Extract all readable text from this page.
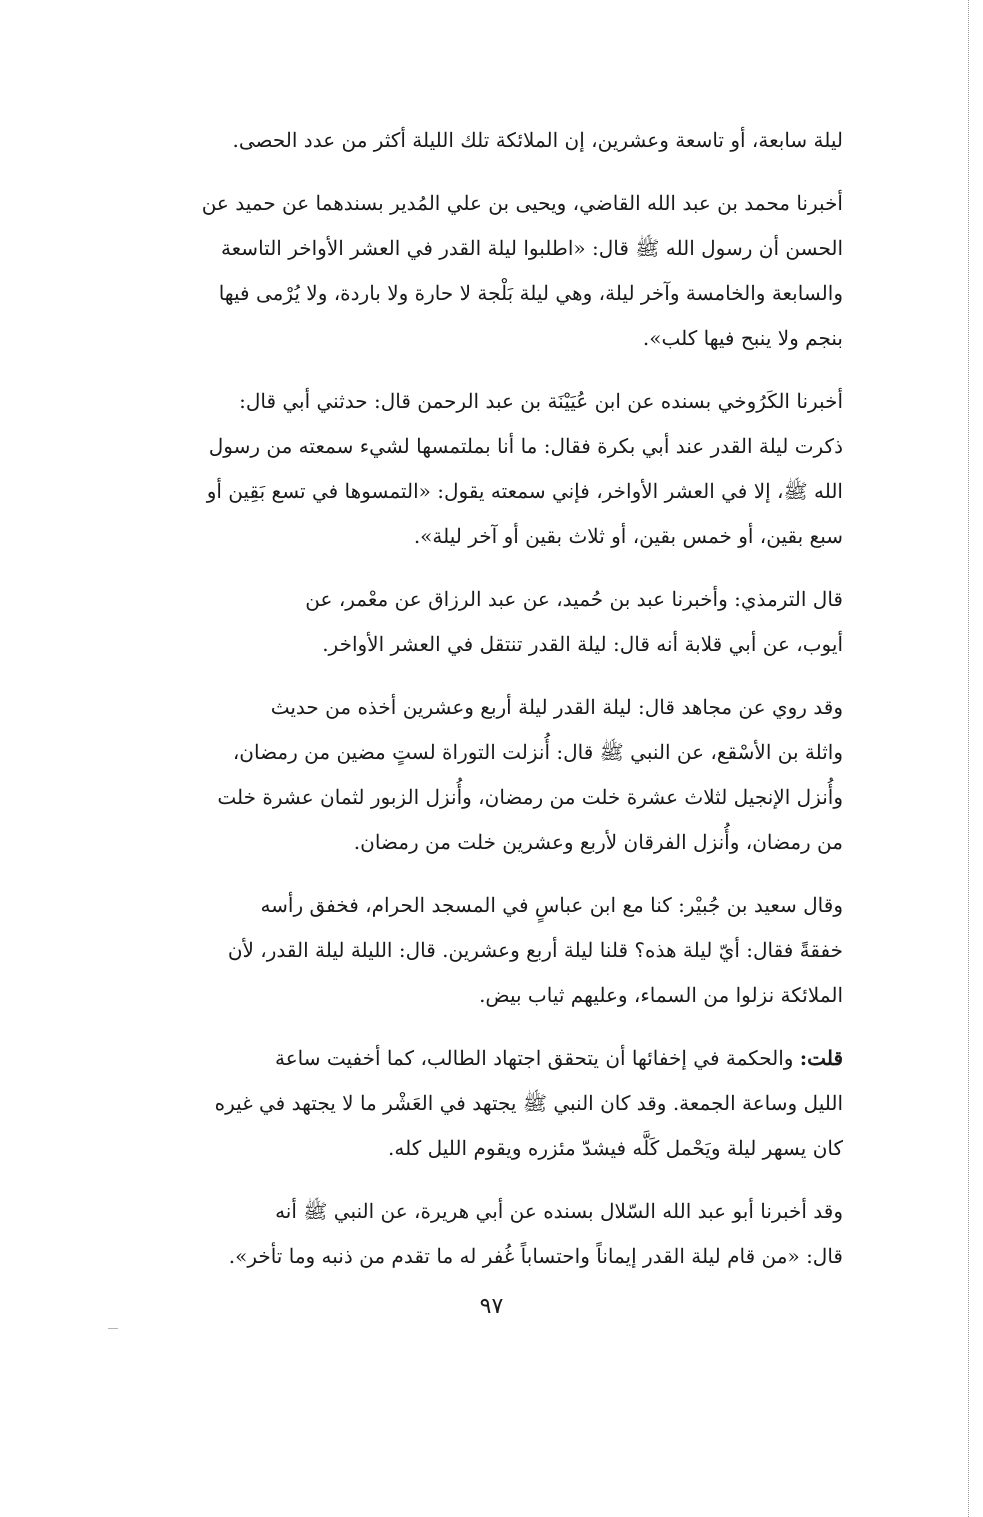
ليلة سابعة، أو تاسعة وعشرين، إن الملائكة تلك الليلة أكثر من عدد الحصى.

أخبرنا محمد بن عبد الله القاضي، ويحيى بن علي المُدير بسندهما عن حميد عن

الحسن أن رسول الله ﷺ قال: «اطلبوا ليلة القدر في العشر الأواخر التاسعة

والسابعة والخامسة وآخر ليلة، وهي ليلة بَلْجة لا حارة ولا باردة، ولا يُرْمى فيها

بنجم ولا ينبح فيها كلب».

أخبرنا الكَرُوخي بسنده عن ابن عُيَيْنَة بن عبد الرحمن قال: حدثني أبي قال:

ذكرت ليلة القدر عند أبي بكرة فقال: ما أنا بملتمسها لشيء سمعته من رسول

الله ﷺ، إلا في العشر الأواخر، فإني سمعته يقول: «التمسوها في تسع بَقِين أو

سبع بقين، أو خمس بقين، أو ثلاث بقين أو آخر ليلة».

قال الترمذي: وأخبرنا عبد بن حُميد، عن عبد الرزاق عن معْمر، عن

أيوب، عن أبي قلابة أنه قال: ليلة القدر تنتقل في العشر الأواخر.

وقد روي عن مجاهد قال: ليلة القدر ليلة أربع وعشرين أخذه من حديث

واثلة بن الأسْقع، عن النبي ﷺ قال: أُنزلت التوراة لستٍ مضين من رمضان،

وأُنزل الإنجيل لثلاث عشرة خلت من رمضان، وأُنزل الزبور لثمان عشرة خلت

من رمضان، وأُنزل الفرقان لأربع وعشرين خلت من رمضان.

وقال سعيد بن جُبيْر: كنا مع ابن عباسٍ في المسجد الحرام، فخفق رأسه

خفقةً فقال: أيّ ليلة هذه؟ قلنا ليلة أربع وعشرين. قال: الليلة ليلة القدر، لأن

الملائكة نزلوا من السماء، وعليهم ثياب بيض.

قلت: والحكمة في إخفائها أن يتحقق اجتهاد الطالب، كما أخفيت ساعة

الليل وساعة الجمعة. وقد كان النبي ﷺ يجتهد في العَشْر ما لا يجتهد في غيره

كان يسهر ليلة ويَحْمل كَلَّه فيشدّ مئزره ويقوم الليل كله.

وقد أخبرنا أبو عبد الله السّلال بسنده عن أبي هريرة، عن النبي ﷺ أنه

قال: «من قام ليلة القدر إيماناً واحتساباً غُفر له ما تقدم من ذنبه وما تأخر».

٩٧
